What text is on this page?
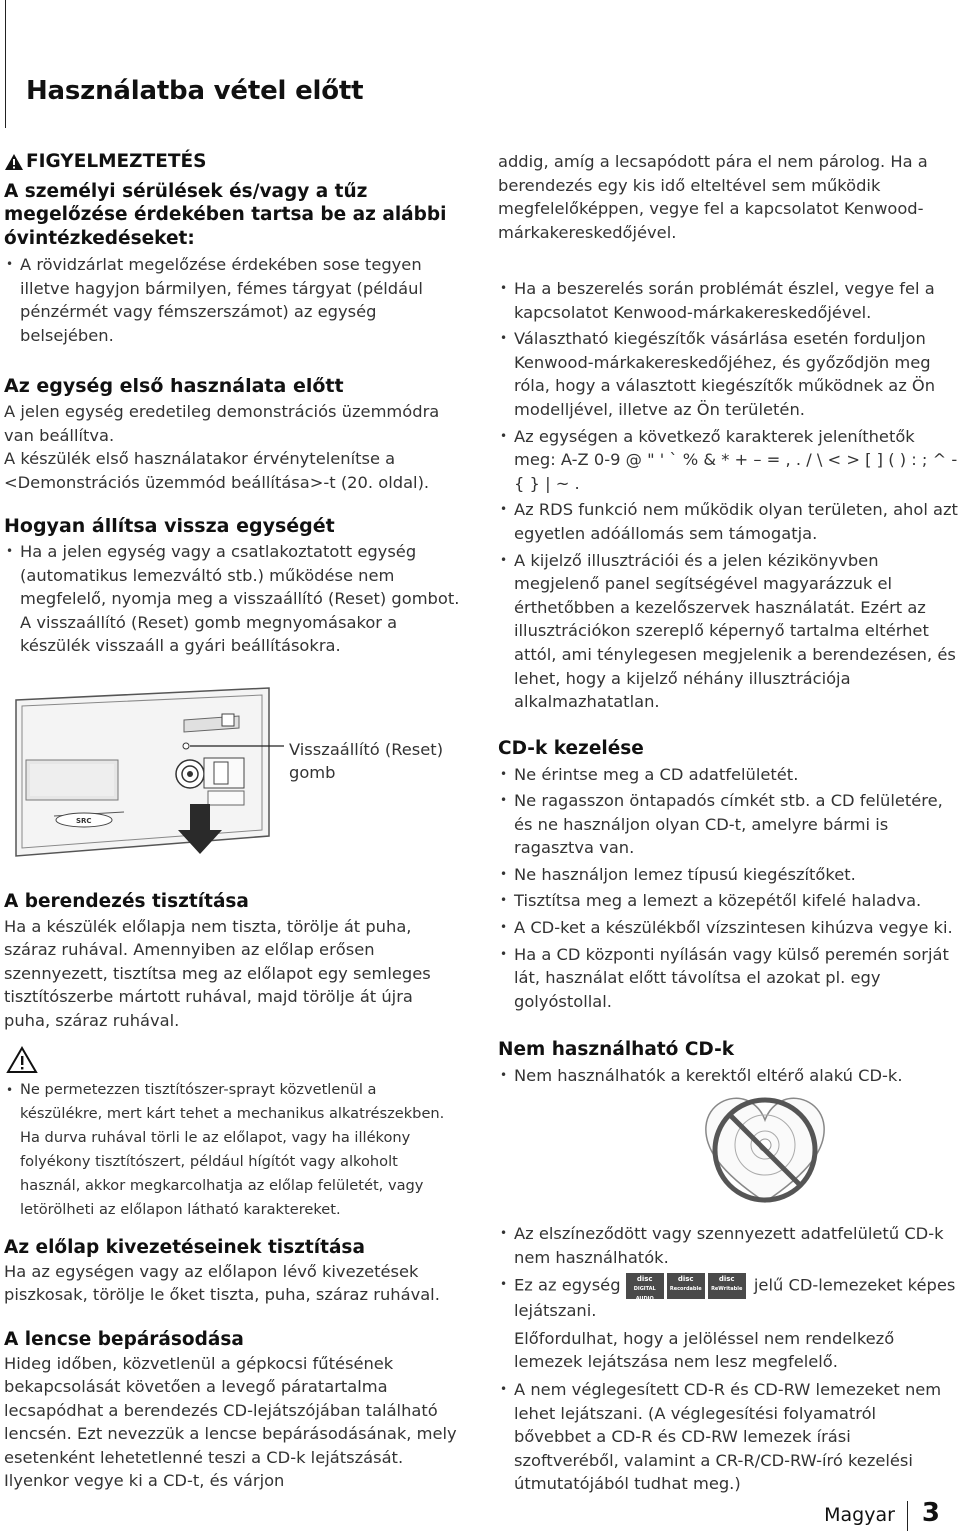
Használatba vétel előtt
FIGYELMEZTETÉS

A személyi sérülések és/vagy a tűz megelőzése érdekében tartsa be az alábbi óvintézkedéseket:

• A rövidzárlat megelőzése érdekében sose tegyen illetve hagyjon bármilyen, fémes tárgyat (például pénzérmét vagy fémszerszámot) az egység belsejében.

Az egység első használata előtt

A jelen egység eredetileg demonstrációs üzemmódra van beállítva.

A készülék első használatakor érvénytelenítse a <Demonstrációs üzemmód beállítása>-t (20. oldal).

Hogyan állítsa vissza egységét

• Ha a jelen egység vagy a csatlakoztatott egység (automatikus lemezváltó stb.) működése nem megfelelő, nyomja meg a visszaállító (Reset) gombot. A visszaállító (Reset) gomb megnyomásakor a készülék visszaáll a gyári beállításokra.
SRC
Visszaállító (Reset) gomb

A berendezés tisztítása

Ha a készülék előlapja nem tiszta, törölje át puha, száraz ruhával. Amennyiben az előlap erősen szennyezett, tisztítsa meg az előlapot egy semleges tisztítószerbe mártott ruhával, majd törölje át újra puha, száraz ruhával.

• Ne permetezzen tisztítószer-sprayt közvetlenül a készülékre, mert kárt tehet a mechanikus alkatrészekben. Ha durva ruhával törli le az előlapot, vagy ha illékony folyékony tisztítószert, például hígítót vagy alkoholt használ, akkor megkarcolhatja az előlap felületét, vagy letörölheti az előlapon látható karaktereket.

Az előlap kivezetéseinek tisztítása

Ha az egységen vagy az előlapon lévő kivezetések piszkosak, törölje le őket tiszta, puha, száraz ruhával.

A lencse bepárásodása

Hideg időben, közvetlenül a gépkocsi fűtésének bekapcsolását követően a levegő páratartalma lecsapódhat a berendezés CD-lejátszójában található lencsén. Ezt nevezzük a lencse bepárásodásának, mely esetenként lehetetlenné teszi a CD-k lejátszását. Ilyenkor vegye ki a CD-t, és várjon

addig, amíg a lecsapódott pára el nem párolog. Ha a berendezés egy kis idő elteltével sem működik megfelelőképpen, vegye fel a kapcsolatot Kenwood-márkakereskedőjével.

• Ha a beszerelés során problémát észlel, vegye fel a kapcsolatot Kenwood-márkakereskedőjével.
• Választható kiegészítők vásárlása esetén forduljon Kenwood-márkakereskedőjéhez, és győződjön meg róla, hogy a választott kiegészítők működnek az Ön modelljével, illetve az Ön területén.
• Az egységen a következő karakterek jeleníthetők meg: A-Z 0-9 @ " ' ` % & * + – = , . / \ < > [ ] ( ) : ; ^ - { } | ~ .
• Az RDS funkció nem működik olyan területen, ahol azt egyetlen adóállomás sem támogatja.
• A kijelző illusztrációi és a jelen kézikönyvben megjelenő panel segítségével magyarázzuk el érthetőbben a kezelőszervek használatát. Ezért az illusztrációkon szereplő képernyő tartalma eltérhet attól, ami ténylegesen megjelenik a berendezésen, és lehet, hogy a kijelző néhány illusztrációja alkalmazhatatlan.

CD-k kezelése

• Ne érintse meg a CD adatfelületét.
• Ne ragasszon öntapadós címkét stb. a CD felületére, és ne használjon olyan CD-t, amelyre bármi is ragasztva van.
• Ne használjon lemez típusú kiegészítőket.
• Tisztítsa meg a lemezt a közepétől kifelé haladva.
• A CD-ket a készülékből vízszintesen kihúzva vegye ki.
• Ha a CD központi nyílásán vagy külső peremén sorját lát, használat előtt távolítsa el azokat pl. egy golyóstollal.

Nem használható CD-k

• Nem használhatók a kerektől eltérő alakú CD-k.
• Az elszíneződött vagy szennyezett adatfelületű CD-k nem használhatók.
• Ez az egység disc
DIGITAL AUDIOdisc
Recordabledisc
ReWritable jelű CD-lemezeket képes lejátszani.
Előfordulhat, hogy a jelöléssel nem rendelkező lemezek lejátszása nem lesz megfelelő.
• A nem véglegesített CD-R és CD-RW lemezeket nem lehet lejátszani. (A véglegesítési folyamatról bővebbet a CD-R és CD-RW lemezek írási szoftveréből, valamint a CR-R/CD-RW-író kezelési útmutatójából tudhat meg.)
Magyar 3
